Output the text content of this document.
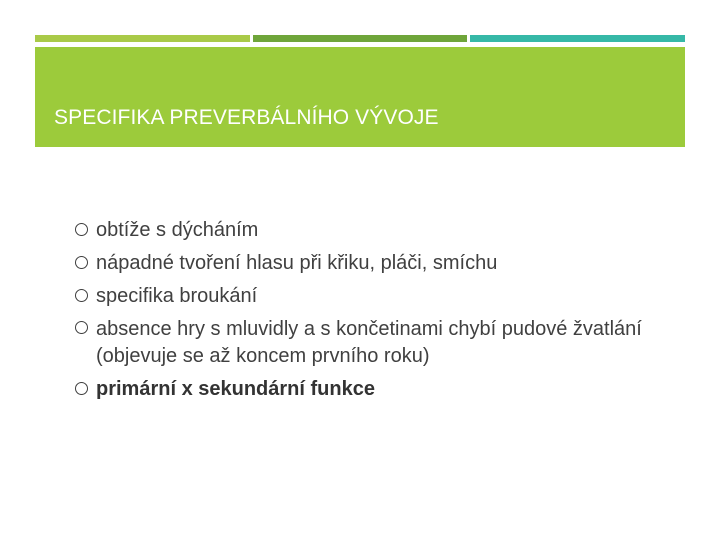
SPECIFIKA PREVERBÁLNÍHO VÝVOJE
obtíže s dýcháním
nápadné tvoření hlasu při křiku, pláči, smíchu
specifika broukání
absence hry s mluvidly a s končetinami chybí pudové žvatlání (objevuje se až koncem prvního roku)
primární x sekundární funkce
